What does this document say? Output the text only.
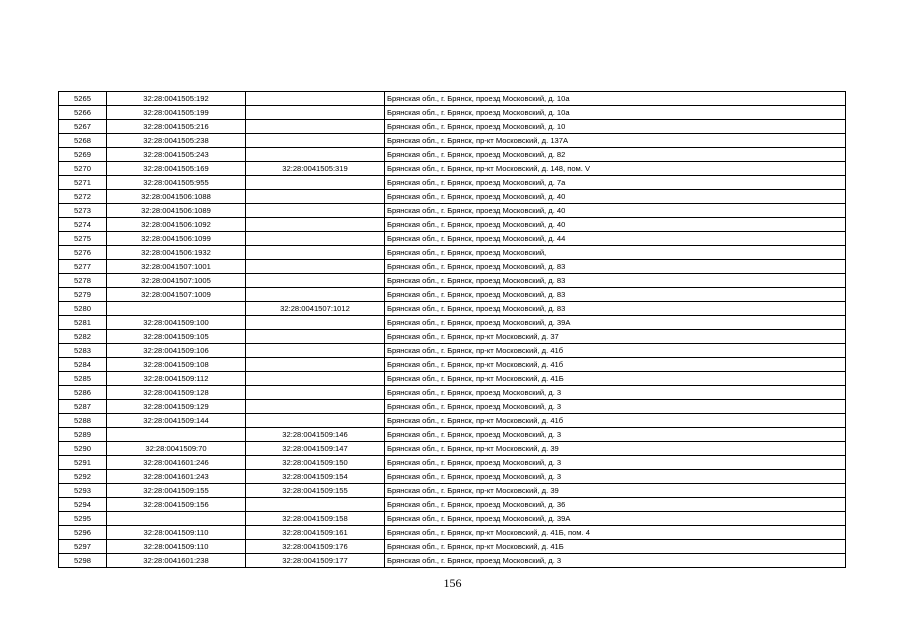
5265	32:28:0041505:192		Брянская обл., г. Брянск, проезд Московский, д. 10а
5266	32:28:0041505:199		Брянская обл., г. Брянск, проезд Московский, д. 10а
5267	32:28:0041505:216		Брянская обл., г. Брянск, проезд Московский, д. 10
5268	32:28:0041505:238		Брянская обл., г. Брянск, пр-кт Московский, д. 137А
5269	32:28:0041505:243		Брянская обл., г. Брянск, проезд Московский, д. 82
5270	32:28:0041505:169	32:28:0041505:319	Брянская обл., г. Брянск, пр-кт Московский, д. 148, пом. V
5271	32:28:0041505:955		Брянская обл., г. Брянск, проезд Московский, д. 7а
5272	32:28:0041506:1088		Брянская обл., г. Брянск, проезд Московский, д. 40
5273	32:28:0041506:1089		Брянская обл., г. Брянск, проезд Московский, д. 40
5274	32:28:0041506:1092		Брянская обл., г. Брянск, проезд Московский, д. 40
5275	32:28:0041506:1099		Брянская обл., г. Брянск, проезд Московский, д. 44
5276	32:28:0041506:1932		Брянская обл., г. Брянск, проезд Московский,
5277	32:28:0041507:1001		Брянская обл., г. Брянск, проезд Московский, д. 83
5278	32:28:0041507:1005		Брянская обл., г. Брянск, проезд Московский, д. 83
5279	32:28:0041507:1009		Брянская обл., г. Брянск, проезд Московский, д. 83
5280		32:28:0041507:1012	Брянская обл., г. Брянск, проезд Московский, д. 83
5281	32:28:0041509:100		Брянская обл., г. Брянск, проезд Московский, д. 39А
5282	32:28:0041509:105		Брянская обл., г. Брянск, пр-кт Московский, д. 37
5283	32:28:0041509:106		Брянская обл., г. Брянск, пр-кт Московский, д. 41б
5284	32:28:0041509:108		Брянская обл., г. Брянск, пр-кт Московский, д. 41б
5285	32:28:0041509:112		Брянская обл., г. Брянск, пр-кт Московский, д. 41Б
5286	32:28:0041509:128		Брянская обл., г. Брянск, проезд Московский, д. 3
5287	32:28:0041509:129		Брянская обл., г. Брянск, проезд Московский, д. 3
5288	32:28:0041509:144		Брянская обл., г. Брянск, пр-кт Московский, д. 41б
5289		32:28:0041509:146	Брянская обл., г. Брянск, проезд Московский, д. 3
5290	32:28:0041509:70	32:28:0041509:147	Брянская обл., г. Брянск, пр-кт Московский, д. 39
5291	32:28:0041601:246	32:28:0041509:150	Брянская обл., г. Брянск, проезд Московский, д. 3
5292	32:28:0041601:243	32:28:0041509:154	Брянская обл., г. Брянск, проезд Московский, д. 3
5293	32:28:0041509:155	32:28:0041509:155	Брянская обл., г. Брянск, пр-кт Московский, д. 39
5294	32:28:0041509:156		Брянская обл., г. Брянск, проезд Московский, д. 36
5295		32:28:0041509:158	Брянская обл., г. Брянск, проезд Московский, д. 39А
5296	32:28:0041509:110	32:28:0041509:161	Брянская обл., г. Брянск, пр-кт Московский, д. 41Б, пом. 4
5297	32:28:0041509:110	32:28:0041509:176	Брянская обл., г. Брянск, пр-кт Московский, д. 41Б
5298	32:28:0041601:238	32:28:0041509:177	Брянская обл., г. Брянск, проезд Московский, д. 3
156
